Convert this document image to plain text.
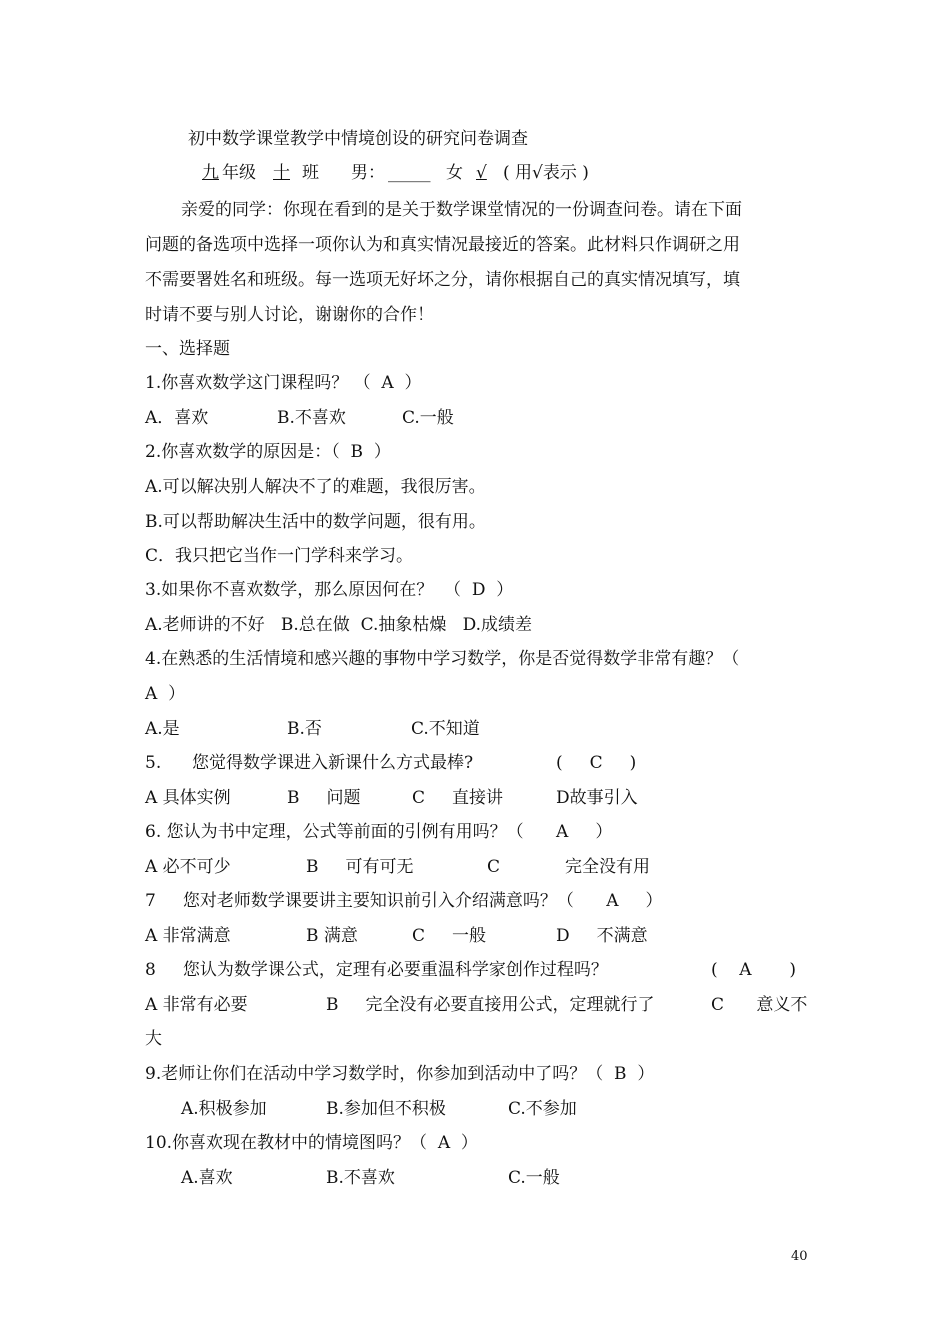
初中数学课堂教学中情境创设的研究问卷调查
九 年级 十 班 男： _____ 女 √ ( 用√表示 )
亲爱的同学：你现在看到的是关于数学课堂情况的一份调查问卷。请在下面
问题的备选项中选择一项你认为和真实情况最接近的答案。此材料只作调研之用
不需要署姓名和班级。每一选项无好坏之分，请你根据自己的真实情况填写，填
时请不要与别人讨论，谢谢你的合作！
一、选择题
1.你喜欢数学这门课程吗？ （  A  ）
A．喜欢	B.不喜欢	C.一般
2.你喜欢数学的原因是：（  B  ）
A.可以解决别人解决不了的难题，我很厉害。
B.可以帮助解决生活中的数学问题，很有用。
C．我只把它当作一门学科来学习。
3.如果你不喜欢数学，那么原因何在？  （  D  ）
A.老师讲的不好   B.总在做  C.抽象枯燥   D.成绩差
4.在熟悉的生活情境和感兴趣的事物中学习数学，你是否觉得数学非常有趣？（
A  ）
A.是	B.否	C.不知道
5. 您觉得数学课进入新课什么方式最棒?	(     C     )
A 具体实例	B     问题	C     直接讲	D故事引入
6. 您认为书中定理，公式等前面的引例有用吗？（      A     ）
A 必不可少	B     可有可无	C	完全没有用
7     您对老师数学课要讲主要知识前引入介绍满意吗？（      A     ）
A 非常满意	B 满意	C     一般	D     不满意
8     您认为数学课公式，定理有必要重温科学家创作过程吗？	(    A       )
A 非常有必要	B     完全没有必要直接用公式，定理就行了	C      意义不
大
9.老师让你们在活动中学习数学时，你参加到活动中了吗？（  B  ）
A.积极参加	B.参加但不积极	C.不参加
10.你喜欢现在教材中的情境图吗？（  A  ）
A.喜欢	B.不喜欢	C.一般
40
